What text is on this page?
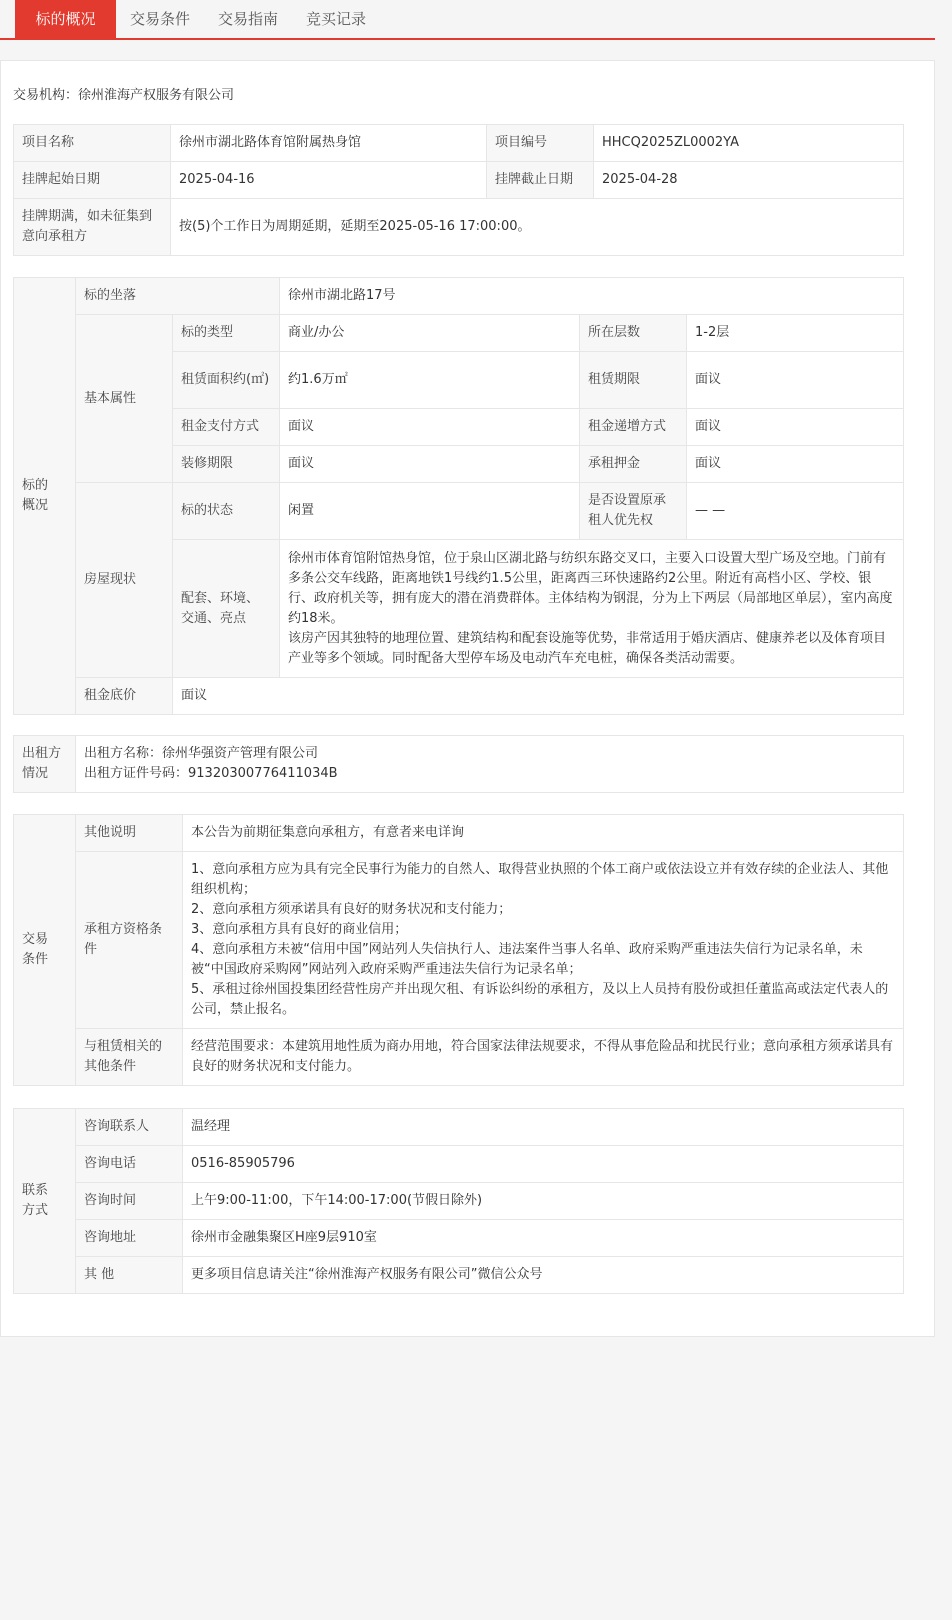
标的概况	交易条件	交易指南	竞买记录
交易机构：徐州淮海产权服务有限公司
项目名称	徐州市湖北路体育馆附属热身馆	项目编号	HHCQ2025ZL0002YA
挂牌起始日期	2025-04-16	挂牌截止日期	2025-04-28
挂牌期满，如未征集到意向承租方	按(5)个工作日为周期延期，延期至2025-05-16 17:00:00。		
标的
概况	标的坐落		徐州市湖北路17号		
	基本属性	标的类型	商业/办公	所在层数	1-2层
		租赁面积约(㎡)	约1.6万㎡	租赁期限	面议
		租金支付方式	面议	租金递增方式	面议
		装修期限	面议	承租押金	面议
	房屋现状	标的状态	闲置	是否设置原承租人优先权	— —
		配套、环境、交通、亮点	徐州市体育馆附馆热身馆，位于泉山区湖北路与纺织东路交叉口，主要入口设置大型广场及空地。门前有多条公交车线路，距离地铁1号线约1.5公里，距离西三环快速路约2公里。附近有高档小区、学校、银行、政府机关等，拥有庞大的潜在消费群体。主体结构为钢混，分为上下两层（局部地区单层），室内高度约18米。
该房产因其独特的地理位置、建筑结构和配套设施等优势，非常适用于婚庆酒店、健康养老以及体育项目产业等多个领域。同时配备大型停车场及电动汽车充电桩，确保各类活动需要。		
	租金底价	面议			
出租方
情况	出租方名称：徐州华强资产管理有限公司
出租方证件号码：91320300776411034B
交易
条件	其他说明	本公告为前期征集意向承租方，有意者来电详询
	承租方资格条件	1、意向承租方应为具有完全民事行为能力的自然人、取得营业执照的个体工商户或依法设立并有效存续的企业法人、其他组织机构；
2、意向承租方须承诺具有良好的财务状况和支付能力；
3、意向承租方具有良好的商业信用；
4、意向承租方未被“信用中国”网站列人失信执行人、违法案件当事人名单、政府采购严重违法失信行为记录名单，未被“中国政府采购网”网站列入政府采购严重违法失信行为记录名单；
5、承租过徐州国投集团经营性房产并出现欠租、有诉讼纠纷的承租方，及以上人员持有股份或担任董监高或法定代表人的公司，禁止报名。
	与租赁相关的其他条件	经营范围要求：本建筑用地性质为商办用地，符合国家法律法规要求，不得从事危险品和扰民行业；意向承租方须承诺具有良好的财务状况和支付能力。
联系
方式	咨询联系人	温经理
	咨询电话	0516-85905796
	咨询时间	上午9:00-11:00，下午14:00-17:00(节假日除外)
	咨询地址	徐州市金融集聚区H座9层910室
	其 他	更多项目信息请关注“徐州淮海产权服务有限公司”微信公众号
